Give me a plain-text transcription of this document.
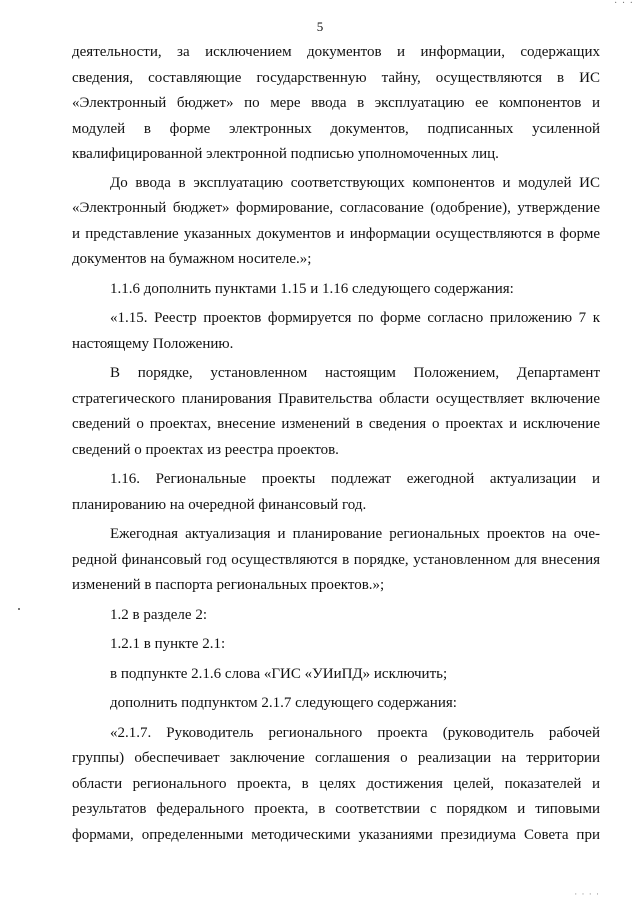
· · ·
5
деятельности, за исключением документов и информации, содержащих
сведения, составляющие государственную тайну, осуществляются в ИС
«Электронный бюджет» по мере ввода в эксплуатацию ее компонентов и
модулей в форме электронных документов, подписанных усиленной
квалифицированной электронной подписью уполномоченных лиц.
До ввода в эксплуатацию соответствующих компонентов и модулей ИС
«Электронный бюджет» формирование, согласование (одобрение), утверждение
и представление указанных документов и информации осуществляются в форме
документов на бумажном носителе.»;
1.1.6 дополнить пунктами 1.15 и 1.16 следующего содержания:
«1.15. Реестр проектов формируется по форме согласно приложению 7 к
настоящему Положению.
В порядке, установленном настоящим Положением, Департамент
стратегического планирования Правительства области осуществляет включение
сведений о проектах, внесение изменений в сведения о проектах и исключение
сведений о проектах из реестра проектов.
1.16. Региональные проекты подлежат ежегодной актуализации и
планированию на очередной финансовый год.
Ежегодная актуализация и планирование региональных проектов на оче-
редной финансовый год осуществляются в порядке, установленном для внесения
изменений в паспорта региональных проектов.»;
1.2 в разделе 2:
1.2.1 в пункте 2.1:
в подпункте 2.1.6 слова «ГИС «УИиПД» исключить;
дополнить подпунктом 2.1.7 следующего содержания:
«2.1.7. Руководитель регионального проекта (руководитель рабочей
группы) обеспечивает заключение соглашения о реализации на территории
области регионального проекта, в целях достижения целей, показателей и
результатов федерального проекта, в соответствии с порядком и типовыми
формами, определенными методическими указаниями президиума Совета при
· · · ·
